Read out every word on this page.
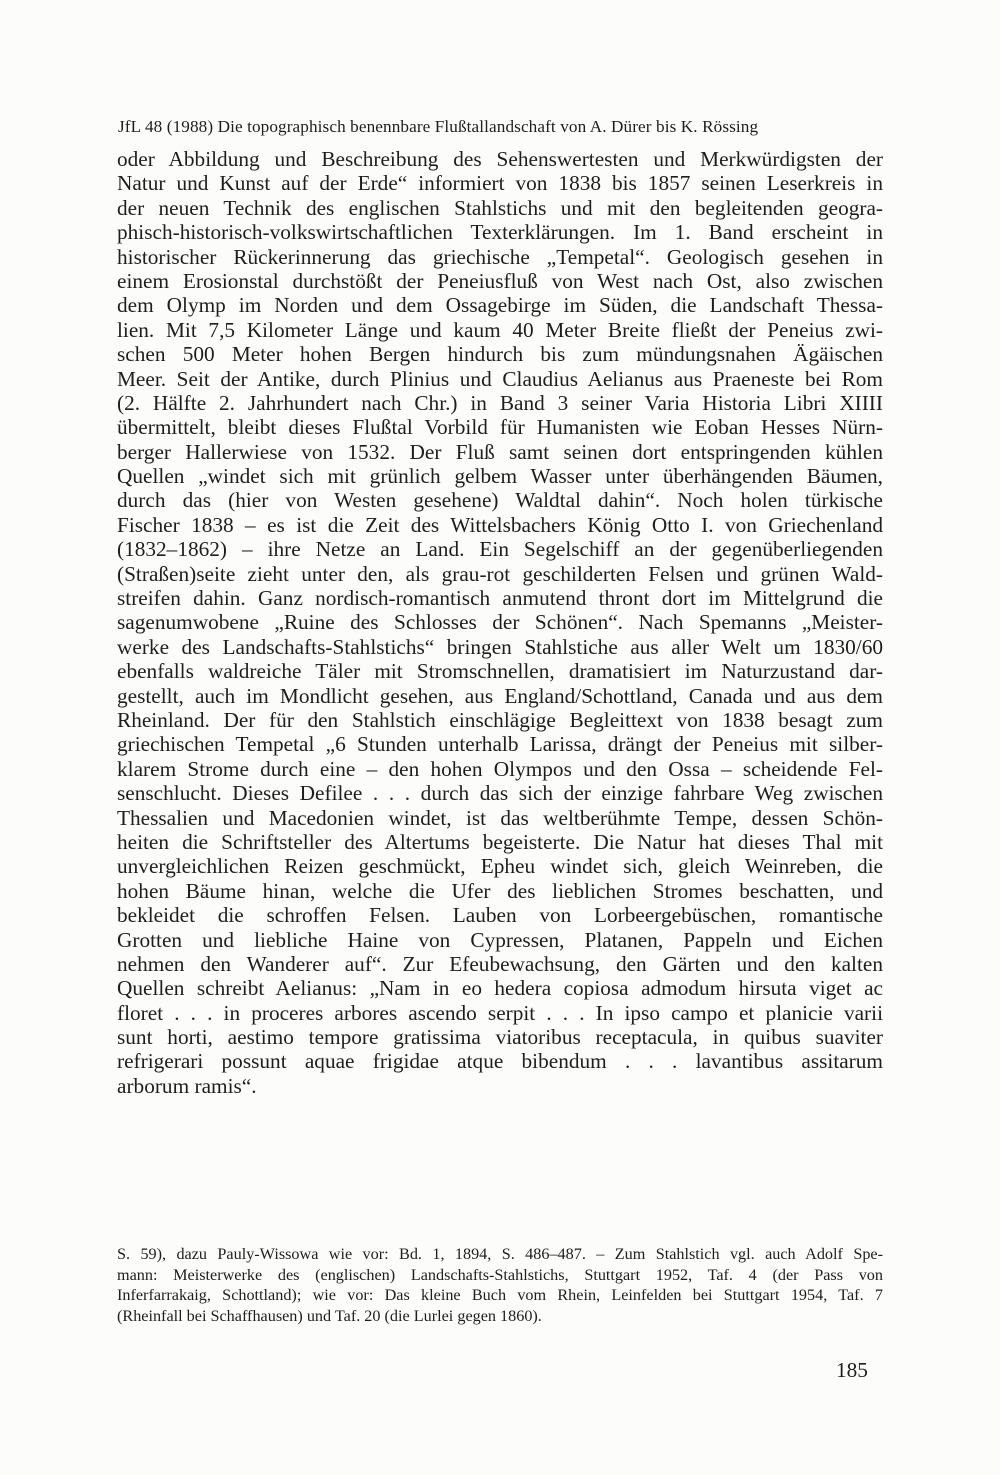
JfL 48 (1988) Die topographisch benennbare Flußtallandschaft von A. Dürer bis K. Rössing
oder Abbildung und Beschreibung des Sehenswertesten und Merkwürdigsten der
Natur und Kunst auf der Erde“ informiert von 1838 bis 1857 seinen Leserkreis in
der neuen Technik des englischen Stahlstichs und mit den begleitenden geogra-
phisch-historisch-volkswirtschaftlichen Texterklärungen. Im 1. Band erscheint in
historischer Rückerinnerung das griechische „Tempetal“. Geologisch gesehen in
einem Erosionstal durchstößt der Peneiusfluß von West nach Ost, also zwischen
dem Olymp im Norden und dem Ossagebirge im Süden, die Landschaft Thessa-
lien. Mit 7,5 Kilometer Länge und kaum 40 Meter Breite fließt der Peneius zwi-
schen 500 Meter hohen Bergen hindurch bis zum mündungsnahen Ägäischen
Meer. Seit der Antike, durch Plinius und Claudius Aelianus aus Praeneste bei Rom
(2. Hälfte 2. Jahrhundert nach Chr.) in Band 3 seiner Varia Historia Libri XIIII
übermittelt, bleibt dieses Flußtal Vorbild für Humanisten wie Eoban Hesses Nürn-
berger Hallerwiese von 1532. Der Fluß samt seinen dort entspringenden kühlen
Quellen „windet sich mit grünlich gelbem Wasser unter überhängenden Bäumen,
durch das (hier von Westen gesehene) Waldtal dahin“. Noch holen türkische
Fischer 1838 – es ist die Zeit des Wittelsbachers König Otto I. von Griechenland
(1832–1862) – ihre Netze an Land. Ein Segelschiff an der gegenüberliegenden
(Straßen)seite zieht unter den, als grau-rot geschilderten Felsen und grünen Wald-
streifen dahin. Ganz nordisch-romantisch anmutend thront dort im Mittelgrund die
sagenumwobene „Ruine des Schlosses der Schönen“. Nach Spemanns „Meister-
werke des Landschafts-Stahlstichs“ bringen Stahlstiche aus aller Welt um 1830/60
ebenfalls waldreiche Täler mit Stromschnellen, dramatisiert im Naturzustand dar-
gestellt, auch im Mondlicht gesehen, aus England/Schottland, Canada und aus dem
Rheinland. Der für den Stahlstich einschlägige Begleittext von 1838 besagt zum
griechischen Tempetal „6 Stunden unterhalb Larissa, drängt der Peneius mit silber-
klarem Strome durch eine – den hohen Olympos und den Ossa – scheidende Fel-
senschlucht. Dieses Defilee . . . durch das sich der einzige fahrbare Weg zwischen
Thessalien und Macedonien windet, ist das weltberühmte Tempe, dessen Schön-
heiten die Schriftsteller des Altertums begeisterte. Die Natur hat dieses Thal mit
unvergleichlichen Reizen geschmückt, Epheu windet sich, gleich Weinreben, die
hohen Bäume hinan, welche die Ufer des lieblichen Stromes beschatten, und
bekleidet die schroffen Felsen. Lauben von Lorbeergebüschen, romantische
Grotten und liebliche Haine von Cypressen, Platanen, Pappeln und Eichen
nehmen den Wanderer auf“. Zur Efeubewachsung, den Gärten und den kalten
Quellen schreibt Aelianus: „Nam in eo hedera copiosa admodum hirsuta viget ac
floret . . . in proceres arbores ascendo serpit . . . In ipso campo et planicie varii
sunt horti, aestimo tempore gratissima viatoribus receptacula, in quibus suaviter
refrigerari possunt aquae frigidae atque bibendum . . . lavantibus assitarum
arborum ramis“.
S. 59), dazu Pauly-Wissowa wie vor: Bd. 1, 1894, S. 486–487. – Zum Stahlstich vgl. auch Adolf Spe-
mann: Meisterwerke des (englischen) Landschafts-Stahlstichs, Stuttgart 1952, Taf. 4 (der Pass von
Inferfarrakaig, Schottland); wie vor: Das kleine Buch vom Rhein, Leinfelden bei Stuttgart 1954, Taf. 7
(Rheinfall bei Schaffhausen) und Taf. 20 (die Lurlei gegen 1860).
185
